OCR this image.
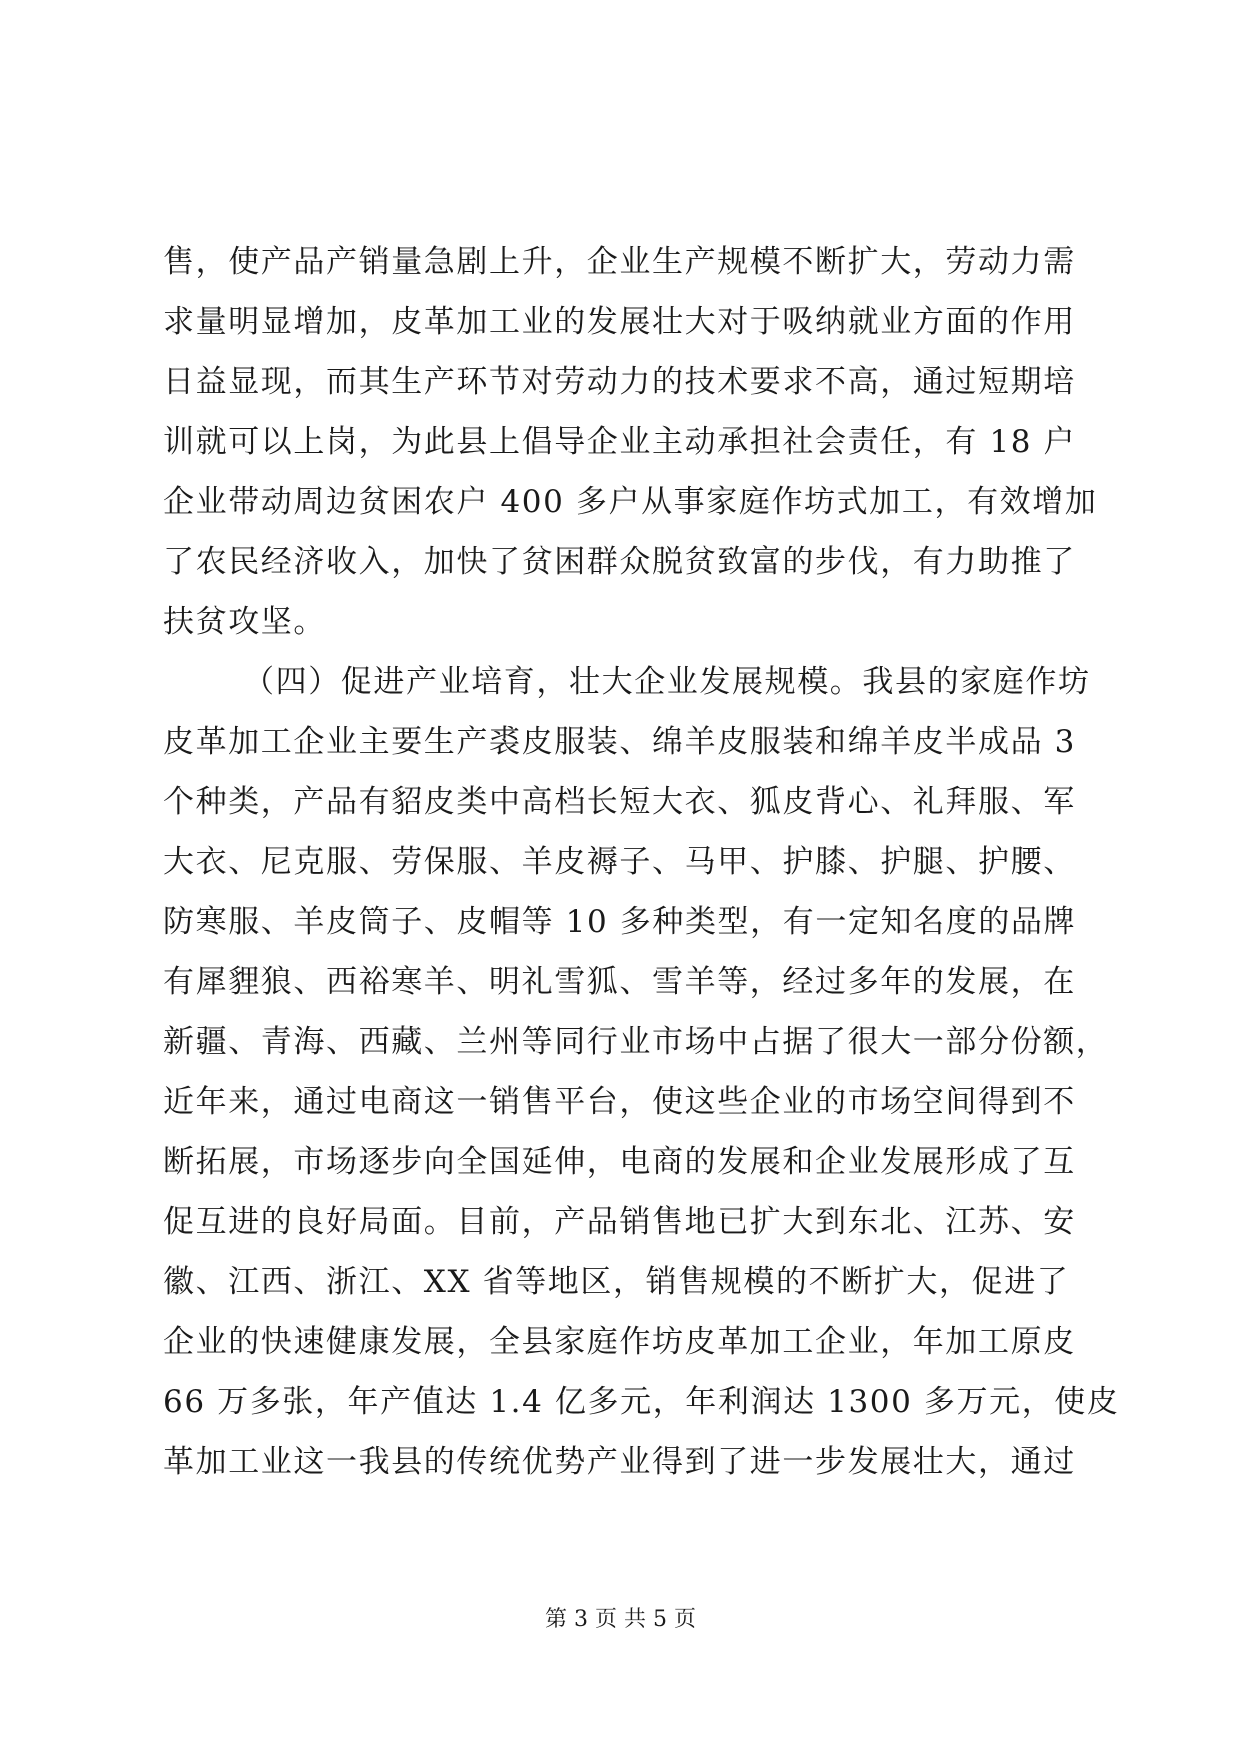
售，使产品产销量急剧上升，企业生产规模不断扩大，劳动力需

求量明显增加，皮革加工业的发展壮大对于吸纳就业方面的作用

日益显现，而其生产环节对劳动力的技术要求不高，通过短期培

训就可以上岗，为此县上倡导企业主动承担社会责任，有 18 户

企业带动周边贫困农户 400 多户从事家庭作坊式加工，有效增加

了农民经济收入，加快了贫困群众脱贫致富的步伐，有力助推了

扶贫攻坚。

（四）促进产业培育，壮大企业发展规模。我县的家庭作坊

皮革加工企业主要生产裘皮服装、绵羊皮服装和绵羊皮半成品 3

个种类，产品有貂皮类中高档长短大衣、狐皮背心、礼拜服、军

大衣、尼克服、劳保服、羊皮褥子、马甲、护膝、护腿、护腰、

防寒服、羊皮筒子、皮帽等 10 多种类型，有一定知名度的品牌

有犀貍狼、西裕寒羊、明礼雪狐、雪羊等，经过多年的发展，在

新疆、青海、西藏、兰州等同行业市场中占据了很大一部分份额，

近年来，通过电商这一销售平台，使这些企业的市场空间得到不

断拓展，市场逐步向全国延伸，电商的发展和企业发展形成了互

促互进的良好局面。目前，产品销售地已扩大到东北、江苏、安

徽、江西、浙江、XX 省等地区，销售规模的不断扩大，促进了

企业的快速健康发展，全县家庭作坊皮革加工企业，年加工原皮

66 万多张，年产值达 1.4 亿多元，年利润达 1300 多万元，使皮

革加工业这一我县的传统优势产业得到了进一步发展壮大，通过

第 3 页 共 5 页
